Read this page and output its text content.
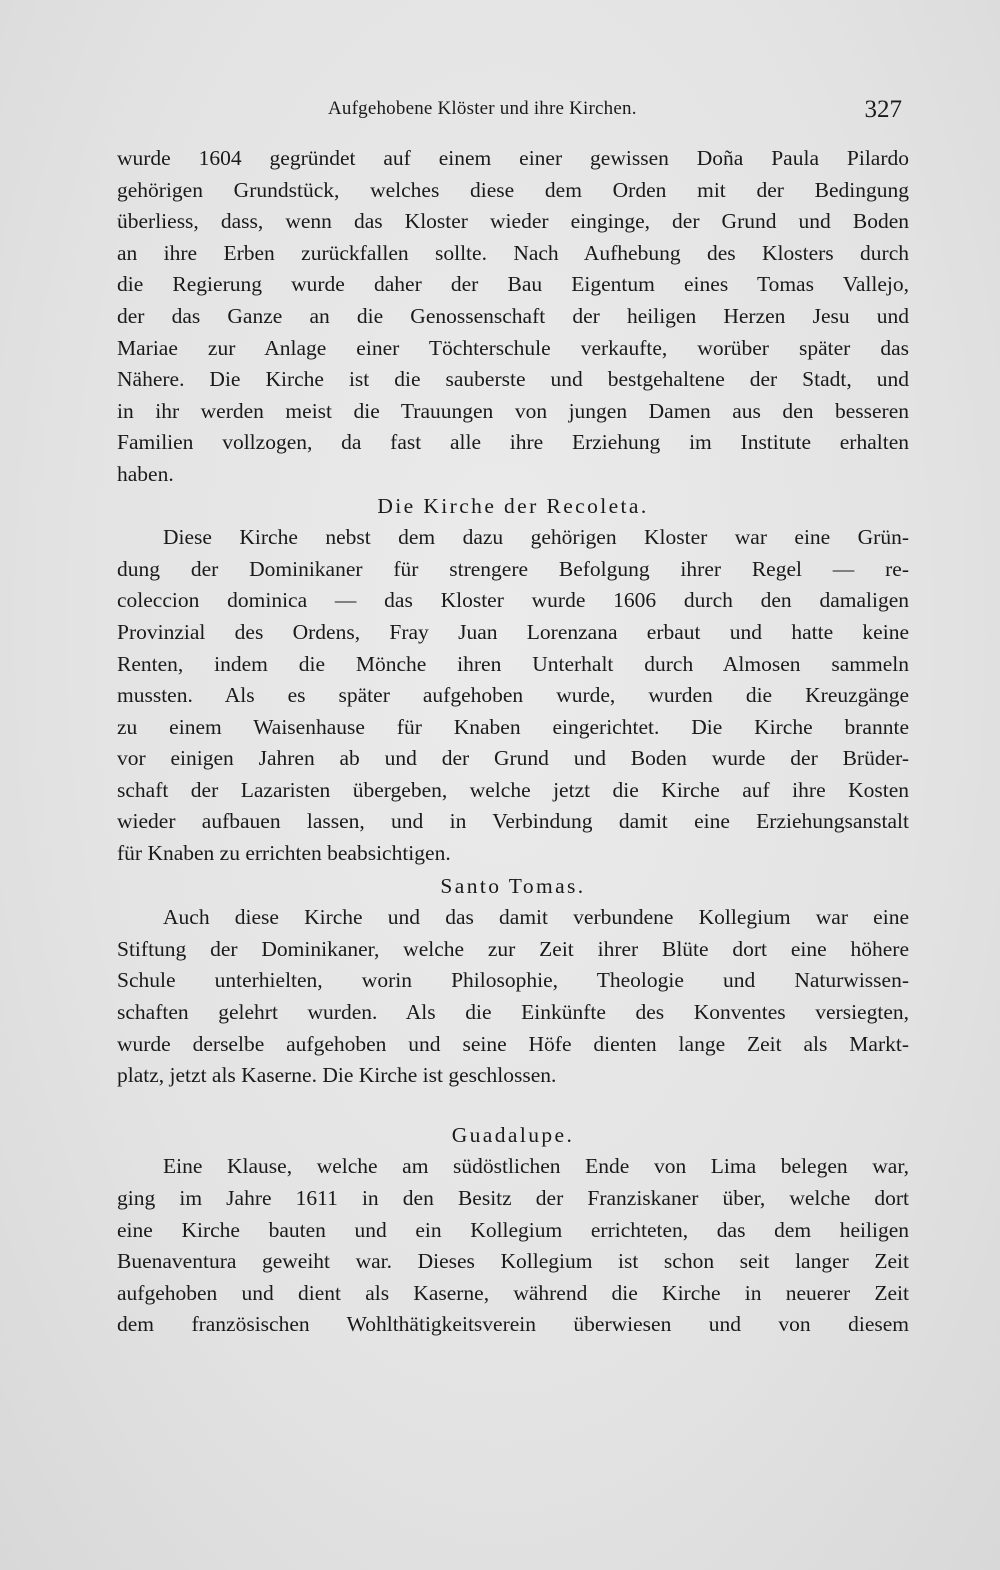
Aufgehobene Klöster und ihre Kirchen.	327
wurde 1604 gegründet auf einem einer gewissen Doña Paula Pilardo
gehörigen Grundstück, welches diese dem Orden mit der Bedingung
überliess, dass, wenn das Kloster wieder einginge, der Grund und Boden
an ihre Erben zurückfallen sollte. Nach Aufhebung des Klosters durch
die Regierung wurde daher der Bau Eigentum eines Tomas Vallejo,
der das Ganze an die Genossenschaft der heiligen Herzen Jesu und
Mariae zur Anlage einer Töchterschule verkaufte, worüber später das
Nähere. Die Kirche ist die sauberste und bestgehaltene der Stadt, und
in ihr werden meist die Trauungen von jungen Damen aus den besseren
Familien vollzogen, da fast alle ihre Erziehung im Institute erhalten
haben.
Die Kirche der Recoleta.
Diese Kirche nebst dem dazu gehörigen Kloster war eine Grün-
dung der Dominikaner für strengere Befolgung ihrer Regel — re-
coleccion dominica — das Kloster wurde 1606 durch den damaligen
Provinzial des Ordens, Fray Juan Lorenzana erbaut und hatte keine
Renten, indem die Mönche ihren Unterhalt durch Almosen sammeln
mussten. Als es später aufgehoben wurde, wurden die Kreuzgänge
zu einem Waisenhause für Knaben eingerichtet. Die Kirche brannte
vor einigen Jahren ab und der Grund und Boden wurde der Brüder-
schaft der Lazaristen übergeben, welche jetzt die Kirche auf ihre Kosten
wieder aufbauen lassen, und in Verbindung damit eine Erziehungsanstalt
für Knaben zu errichten beabsichtigen.
Santo Tomas.
Auch diese Kirche und das damit verbundene Kollegium war eine
Stiftung der Dominikaner, welche zur Zeit ihrer Blüte dort eine höhere
Schule unterhielten, worin Philosophie, Theologie und Naturwissen-
schaften gelehrt wurden. Als die Einkünfte des Konventes versiegten,
wurde derselbe aufgehoben und seine Höfe dienten lange Zeit als Markt-
platz, jetzt als Kaserne. Die Kirche ist geschlossen.
Guadalupe.
Eine Klause, welche am südöstlichen Ende von Lima belegen war,
ging im Jahre 1611 in den Besitz der Franziskaner über, welche dort
eine Kirche bauten und ein Kollegium errichteten, das dem heiligen
Buenaventura geweiht war. Dieses Kollegium ist schon seit langer Zeit
aufgehoben und dient als Kaserne, während die Kirche in neuerer Zeit
dem französischen Wohlthätigkeitsverein überwiesen und von diesem
